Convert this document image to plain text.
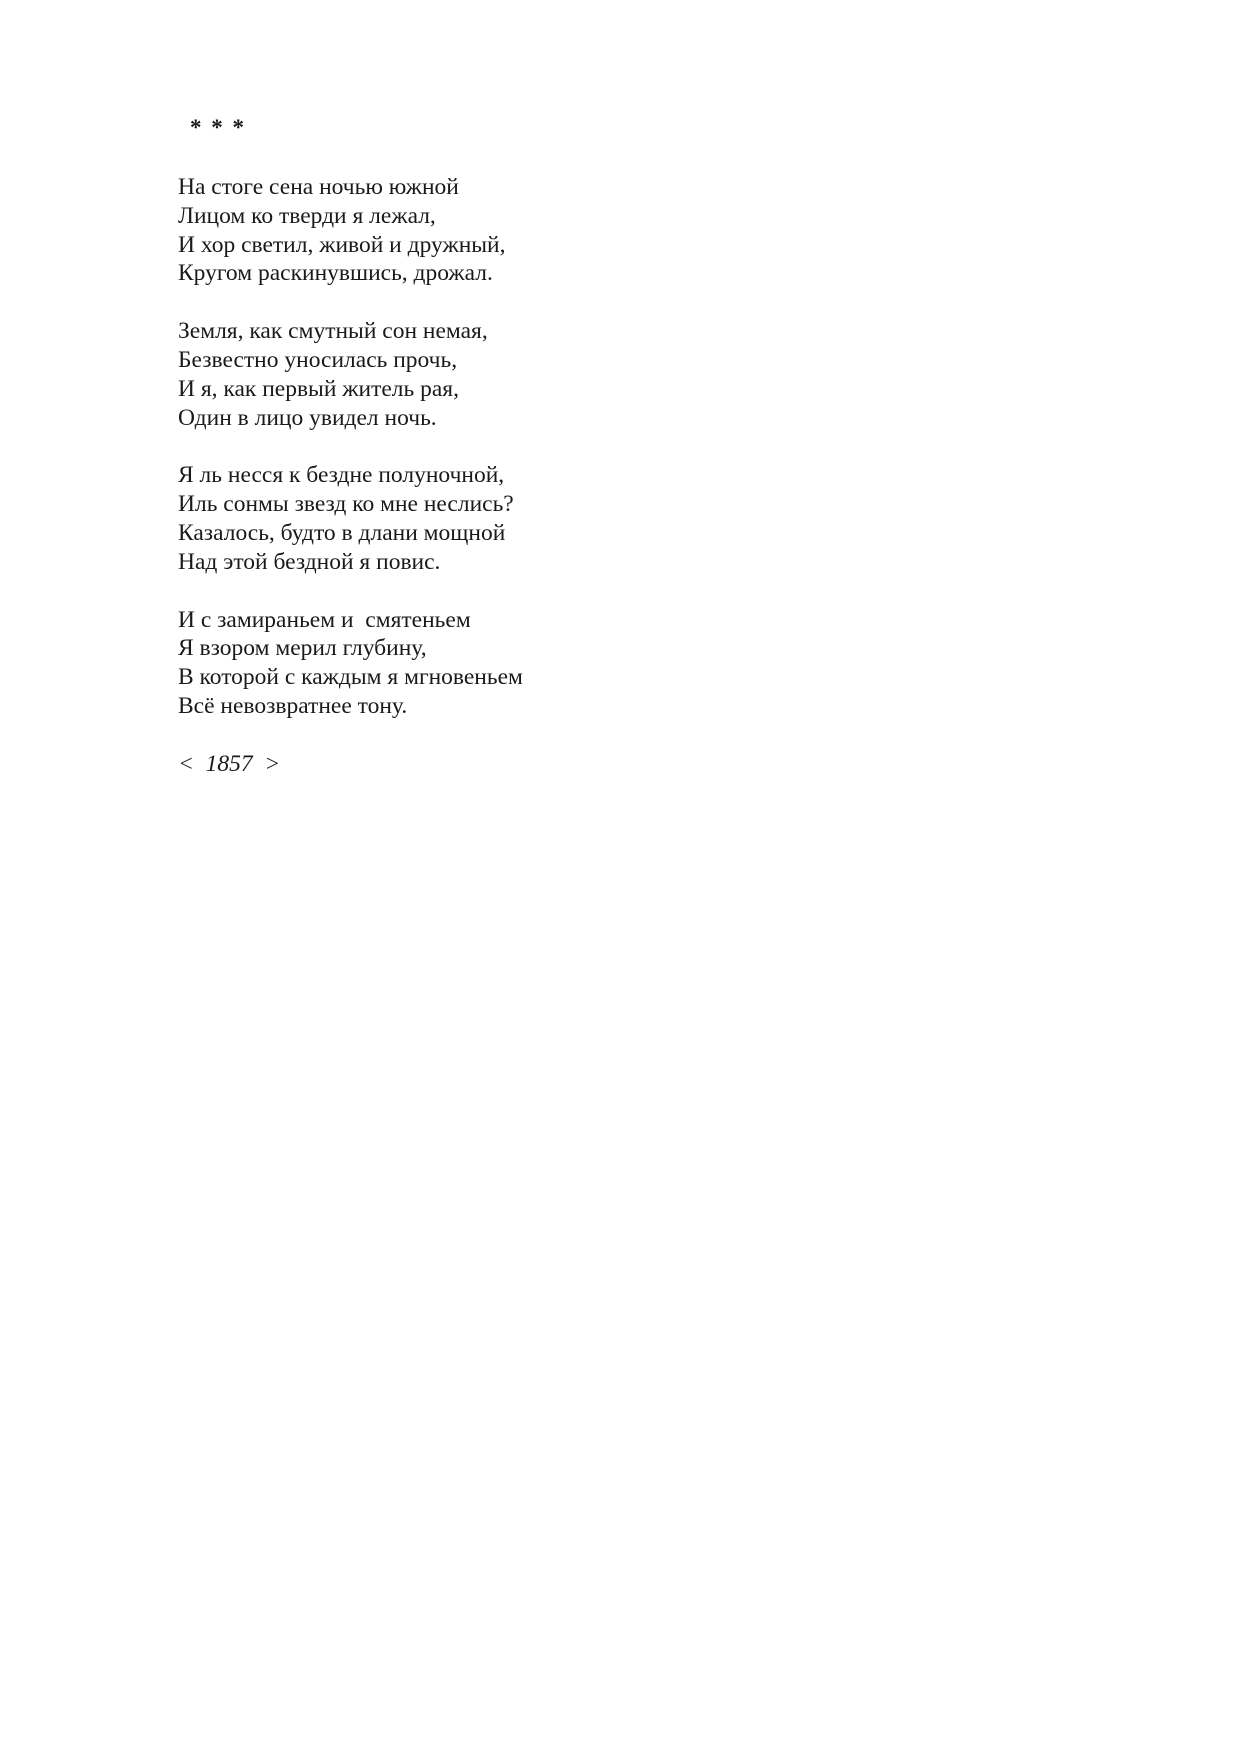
* * *
На стоге сена ночью южной
Лицом ко тверди я лежал,
И хор светил, живой и дружный,
Кругом раскинувшись, дрожал.
Земля, как смутный сон немая,
Безвестно уносилась прочь,
И я, как первый житель рая,
Один в лицо увидел ночь.
Я ль несся к бездне полуночной,
Иль сонмы звезд ко мне неслись?
Казалось, будто в длани мощной
Над этой бездной я повис.
И с замираньем и  смятеньем
Я взором мерил глубину,
В которой с каждым я мгновеньем
Всё невозвратнее тону.
<  1857  >
